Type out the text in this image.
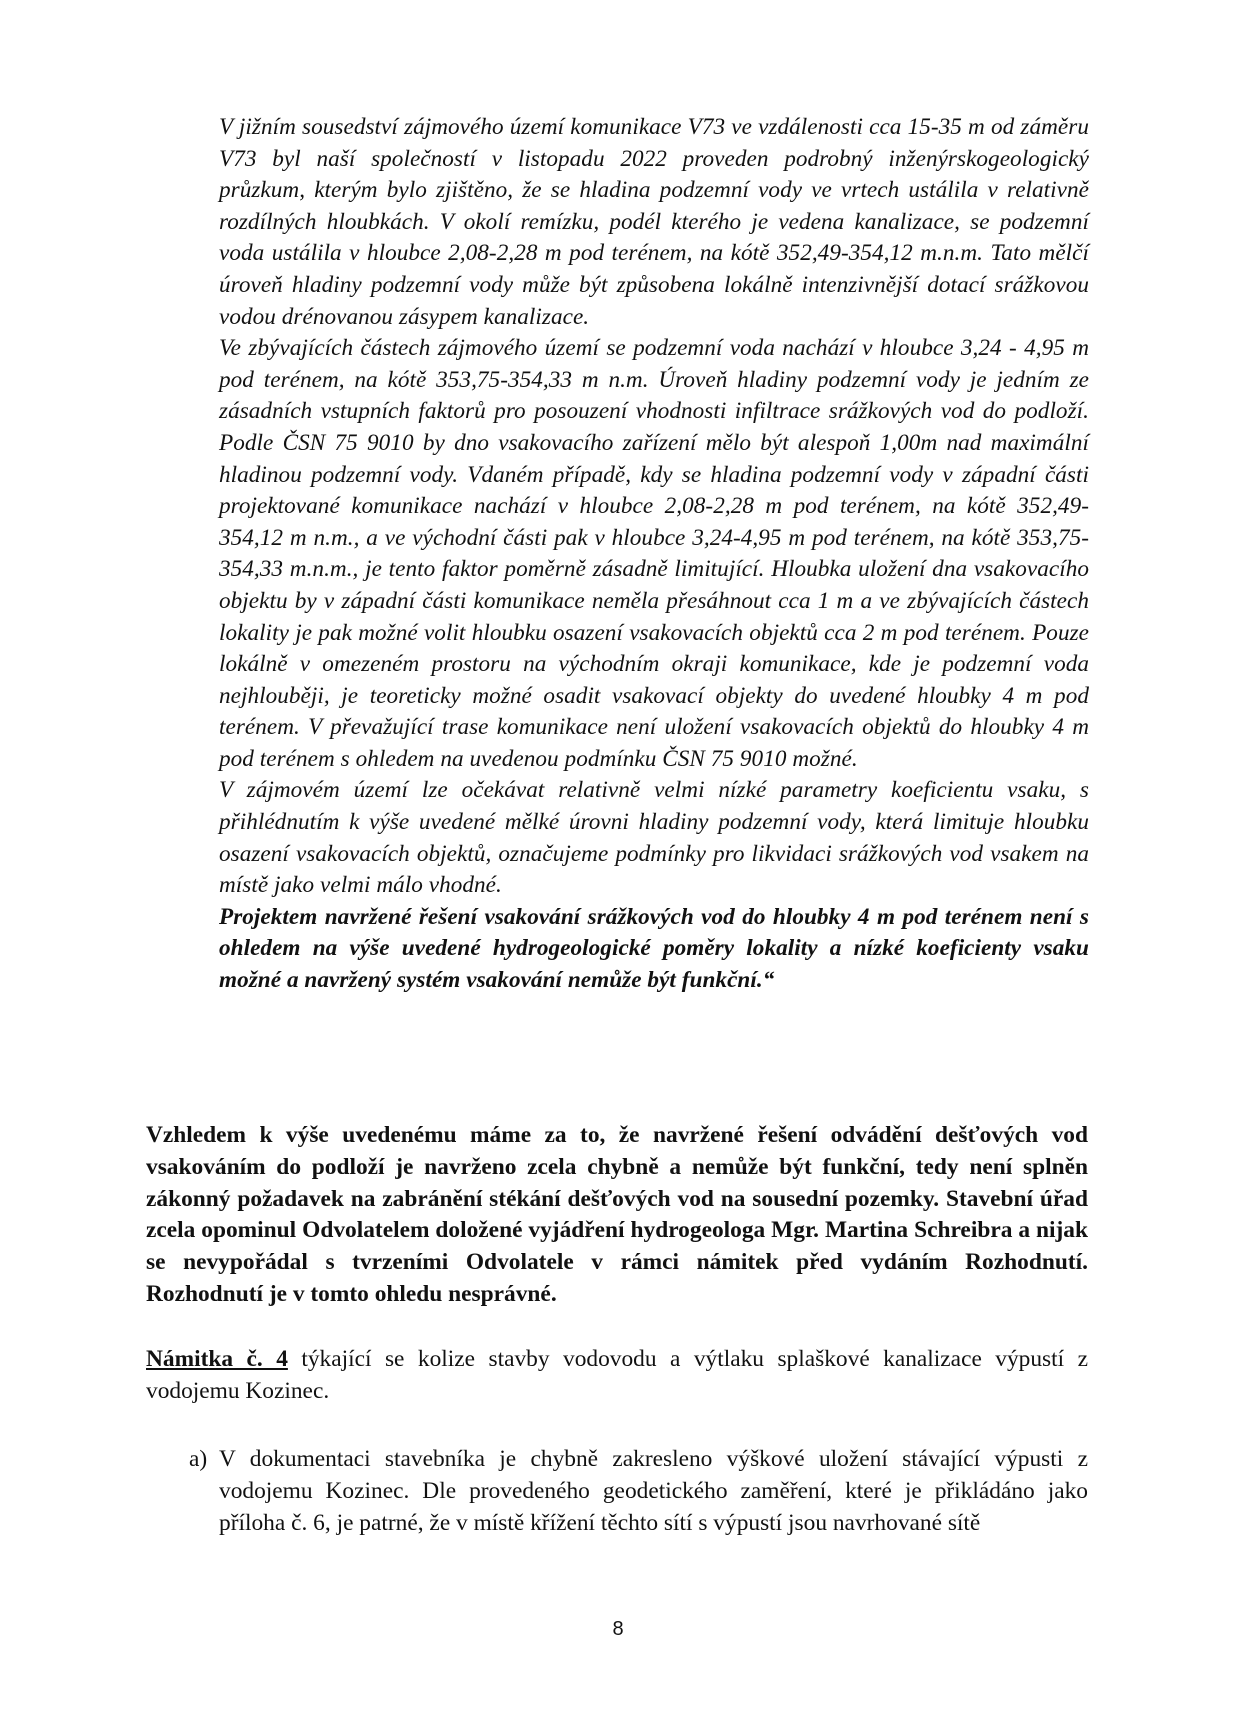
V jižním sousedství zájmového území komunikace V73 ve vzdálenosti cca 15-35 m od záměru V73 byl naší společností v listopadu 2022 proveden podrobný inženýrskogeologický průzkum, kterým bylo zjištěno, že se hladina podzemní vody ve vrtech ustálila v relativně rozdílných hloubkách. V okolí remízku, podél kterého je vedena kanalizace, se podzemní voda ustálila v hloubce 2,08-2,28 m pod terénem, na kótě 352,49-354,12 m.n.m. Tato mělčí úroveň hladiny podzemní vody může být způsobena lokálně intenzivnější dotací srážkovou vodou drénovanou zásypem kanalizace.

Ve zbývajících částech zájmového území se podzemní voda nachází v hloubce 3,24 - 4,95 m pod terénem, na kótě 353,75-354,33 m n.m. Úroveň hladiny podzemní vody je jedním ze zásadních vstupních faktorů pro posouzení vhodnosti infiltrace srážkových vod do podloží. Podle ČSN 75 9010 by dno vsakovacího zařízení mělo být alespoň 1,00m nad maximální hladinou podzemní vody. Vdaném případě, kdy se hladina podzemní vody v západní části projektované komunikace nachází v hloubce 2,08-2,28 m pod terénem, na kótě 352,49-354,12 m n.m., a ve východní části pak v hloubce 3,24-4,95 m pod terénem, na kótě 353,75-354,33 m.n.m., je tento faktor poměrně zásadně limitující. Hloubka uložení dna vsakovacího objektu by v západní části komunikace neměla přesáhnout cca 1 m a ve zbývajících částech lokality je pak možné volit hloubku osazení vsakovacích objektů cca 2 m pod terénem. Pouze lokálně v omezeném prostoru na východním okraji komunikace, kde je podzemní voda nejhlouběji, je teoreticky možné osadit vsakovací objekty do uvedené hloubky 4 m pod terénem. V převažující trase komunikace není uložení vsakovacích objektů do hloubky 4 m pod terénem s ohledem na uvedenou podmínku ČSN 75 9010 možné.

V zájmovém území lze očekávat relativně velmi nízké parametry koeficientu vsaku, s přihlédnutím k výše uvedené mělké úrovni hladiny podzemní vody, která limituje hloubku osazení vsakovacích objektů, označujeme podmínky pro likvidaci srážkových vod vsakem na místě jako velmi málo vhodné.

Projektem navržené řešení vsakování srážkových vod do hloubky 4 m pod terénem není s ohledem na výše uvedené hydrogeologické poměry lokality a nízké koeficienty vsaku možné a navržený systém vsakování nemůže být funkční.“

Vzhledem k výše uvedenému máme za to, že navržené řešení odvádění dešťových vod vsakováním do podloží je navrženo zcela chybně a nemůže být funkční, tedy není splněn zákonný požadavek na zabránění stékání dešťových vod na sousední pozemky. Stavební úřad zcela opominul Odvolatelem doložené vyjádření hydrogeologa Mgr. Martina Schreibra a nijak se nevypořádal s tvrzeními Odvolatele v rámci námitek před vydáním Rozhodnutí. Rozhodnutí je v tomto ohledu nesprávné.

Námitka č. 4 týkající se kolize stavby vodovodu a výtlaku splaškové kanalizace výpustí z vodojemu Kozinec.

a) V dokumentaci stavebníka je chybně zakresleno výškové uložení stávající výpusti z vodojemu Kozinec. Dle provedeného geodetického zaměření, které je přikládáno jako příloha č. 6, je patrné, že v místě křížení těchto sítí s výpustí jsou navrhované sítě

8
